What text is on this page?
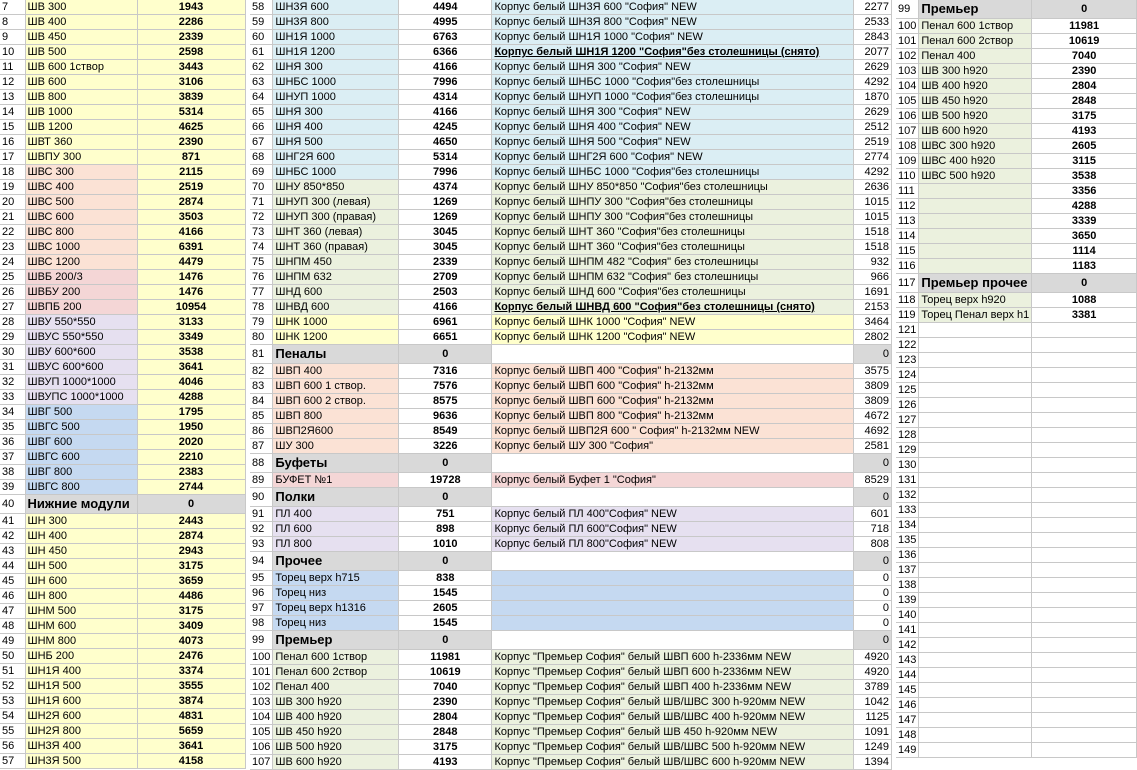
7	ШВ 300	1943
8	ШВ 400	2286
9	ШВ 450	2339
10	ШВ 500	2598
11	ШВ 600 1створ	3443
12	ШВ 600	3106
13	ШВ 800	3839
14	ШВ 1000	5314
15	ШВ 1200	4625
16	ШВТ 360	2390
17	ШВПУ 300	871
18	ШВС 300	2115
19	ШВС 400	2519
20	ШВС 500	2874
21	ШВС 600	3503
22	ШВС 800	4166
23	ШВС 1000	6391
24	ШВС 1200	4479
25	ШВБ 200/3	1476
26	ШВБУ 200	1476
27	ШВПБ 200	10954
28	ШВУ 550*550	3133
29	ШВУС 550*550	3349
30	ШВУ 600*600	3538
31	ШВУС 600*600	3641
32	ШВУП 1000*1000	4046
33	ШВУПС 1000*1000	4288
34	ШВГ 500	1795
35	ШВГС 500	1950
36	ШВГ 600	2020
37	ШВГС 600	2210
38	ШВГ 800	2383
39	ШВГС 800	2744
40	Нижние модули	0
41	ШН 300	2443
42	ШН 400	2874
43	ШН 450	2943
44	ШН 500	3175
45	ШН 600	3659
46	ШН 800	4486
47	ШНМ 500	3175
48	ШНМ 600	3409
49	ШНМ 800	4073
50	ШНБ 200	2476
51	ШН1Я 400	3374
52	ШН1Я 500	3555
53	ШН1Я 600	3874
54	ШН2Я 600	4831
55	ШН2Я 800	5659
56	ШН3Я 400	3641
57	ШН3Я 500	4158
58	ШН3Я 600	4494	Корпус белый ШН3Я 600 "София" NEW	2277
59	ШН3Я 800	4995	Корпус белый ШН3Я 800 "София" NEW	2533
60	ШН1Я 1000	6763	Корпус белый ШН1Я 1000 "София" NEW	2843
61	ШН1Я 1200	6366	Корпус белый ШН1Я 1200 "София"без столешницы (снято)	2077
62	ШНЯ 300	4166	Корпус белый ШНЯ 300 "София" NEW	2629
63	ШНБС 1000	7996	Корпус белый ШНБС 1000 "София"без столешницы	4292
64	ШНУП 1000	4314	Корпус белый ШНУП 1000 "София"без столешницы	1870
65	ШНЯ 300	4166	Корпус белый ШНЯ 300 "София" NEW	2629
66	ШНЯ 400	4245	Корпус белый ШНЯ 400 "София" NEW	2512
67	ШНЯ 500	4650	Корпус белый ШНЯ 500 "София" NEW	2519
68	ШНГ2Я 600	5314	Корпус белый ШНГ2Я 600 "София" NEW	2774
69	ШНБС 1000	7996	Корпус белый ШНБС 1000 "София"без столешницы	4292
70	ШНУ 850*850	4374	Корпус белый ШНУ 850*850 "София"без столешницы	2636
71	ШНУП 300 (левая)	1269	Корпус белый ШНПУ 300 "София"без столешницы	1015
72	ШНУП 300 (правая)	1269	Корпус белый ШНПУ 300 "София"без столешницы	1015
73	ШНТ 360 (левая)	3045	Корпус белый ШНТ 360 "София"без столешницы	1518
74	ШНТ 360 (правая)	3045	Корпус белый ШНТ 360 "София"без столешницы	1518
75	ШНПМ 450	2339	Корпус белый ШНПМ 482 "София" без столешницы	932
76	ШНПМ 632	2709	Корпус белый ШНПМ 632 "София" без столешницы	966
77	ШНД 600	2503	Корпус белый ШНД 600 "София"без столешницы	1691
78	ШНВД 600	4166	Корпус белый ШНВД 600 "София"без столешницы (снято)	2153
79	ШНК 1000	6961	Корпус белый ШНК 1000 "София" NEW	3464
80	ШНК 1200	6651	Корпус белый ШНК 1200 "София" NEW	2802
81	Пеналы	0		0
82	ШВП 400	7316	Корпус белый ШВП 400 "София" h-2132мм	3575
83	ШВП 600 1 створ.	7576	Корпус белый ШВП 600 "София" h-2132мм	3809
84	ШВП 600 2 створ.	8575	Корпус белый ШВП 600 "София" h-2132мм	3809
85	ШВП 800	9636	Корпус белый ШВП 800 "София" h-2132мм	4672
86	ШВП2Я600	8549	Корпус белый ШВП2Я 600 " София" h-2132мм NEW	4692
87	ШУ 300	3226	Корпус белый ШУ 300 "София"	2581
88	Буфеты	0		0
89	БУФЕТ №1	19728	Корпус белый Буфет 1 "София"	8529
90	Полки	0		0
91	ПЛ 400	751	Корпус белый ПЛ 400"София" NEW	601
92	ПЛ 600	898	Корпус белый ПЛ 600"София" NEW	718
93	ПЛ 800	1010	Корпус белый ПЛ 800"София" NEW	808
94	Прочее	0		0
95	Торец верх h715	838		0
96	Торец низ	1545		0
97	Торец верх h1316	2605		0
98	Торец низ	1545		0
99	Премьер	0		0
100	Пенал 600 1створ	11981	Корпус "Премьер София" белый ШВП 600 h-2336мм NEW	4920
101	Пенал 600 2створ	10619	Корпус "Премьер София" белый ШВП 600 h-2336мм NEW	4920
102	Пенал 400	7040	Корпус "Премьер София" белый ШВП 400 h-2336мм NEW	3789
103	ШВ 300 h920	2390	Корпус "Премьер София" белый ШВ/ШВС 300 h-920мм NEW	1042
104	ШВ 400 h920	2804	Корпус "Премьер София" белый ШВ/ШВС 400 h-920мм NEW	1125
105	ШВ 450 h920	2848	Корпус "Премьер София" белый ШВ 450 h-920мм NEW	1091
106	ШВ 500 h920	3175	Корпус "Премьер София" белый ШВ/ШВС 500 h-920мм NEW	1249
107	ШВ 600 h920	4193	Корпус "Премьер София" белый ШВ/ШВС 600 h-920мм NEW	1394
99	Премьер	0
100	Пенал 600 1створ	11981
101	Пенал 600 2створ	10619
102	Пенал 400	7040
103	ШВ 300 h920	2390
104	ШВ 400 h920	2804
105	ШВ 450 h920	2848
106	ШВ 500 h920	3175
107	ШВ 600 h920	4193
108	ШВС 300 h920	2605
109	ШВС 400 h920	3115
110	ШВС 500 h920	3538
111		3356
112		4288
113		3339
114		3650
115		1114
116		1183
117	Премьер прочее	0
118	Торец верх h920	1088
119	Торец Пенал верх h1	3381
121		
122		
123		
124		
125		
126		
127		
128		
129		
130		
131		
132		
133		
134		
135		
136		
137		
138		
139		
140		
141		
142		
143		
144		
145		
146		
147		
148		
149		
